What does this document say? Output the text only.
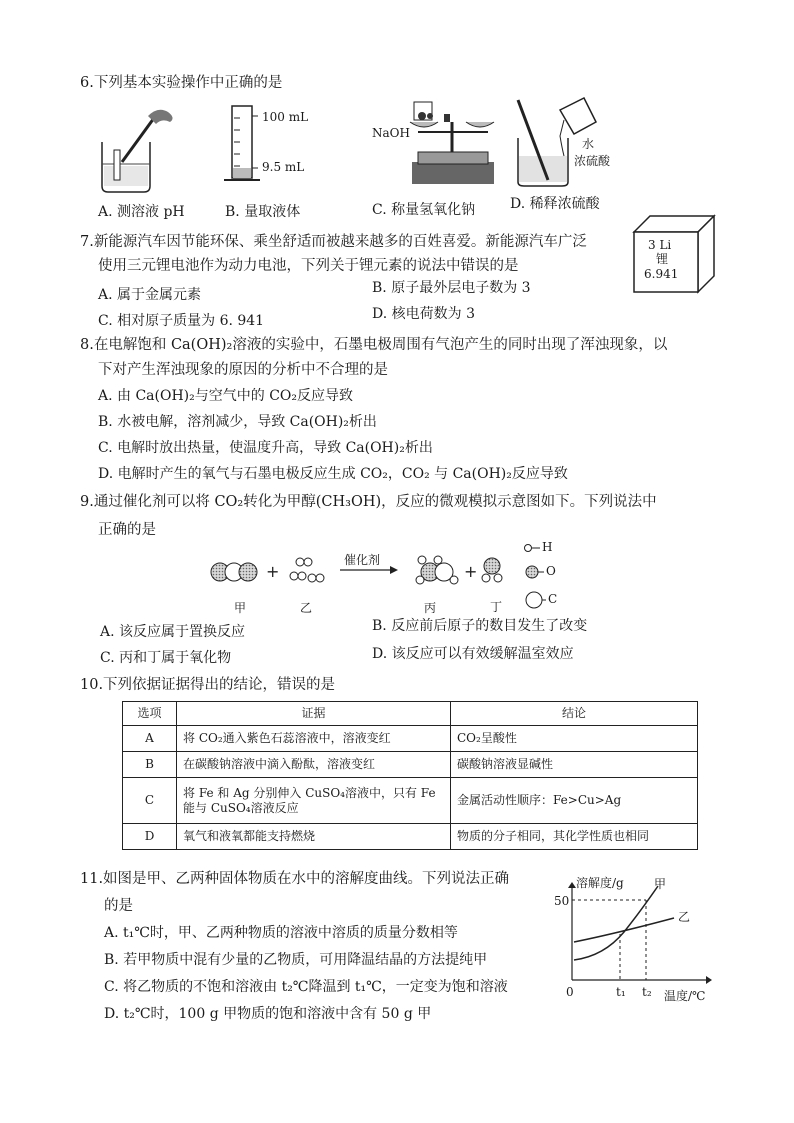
6.下列基本实验操作中正确的是
100 mL
9.5 mL
NaOH
水
浓硫酸
A. 测溶液 pH	B. 量取液体	C. 称量氢氧化钠 D. 稀释浓硫酸
7.新能源汽车因节能环保、乘坐舒适而被越来越多的百姓喜爱。新能源汽车广泛
使用三元锂电池作为动力电池，下列关于锂元素的说法中错误的是
3 Li
锂
6.941
A. 属于金属元素	B. 原子最外层电子数为 3
C. 相对原子质量为 6. 941	D. 核电荷数为 3
8.在电解饱和 Ca(OH)₂溶液的实验中，石墨电极周围有气泡产生的同时出现了浑浊现象，以
下对产生浑浊现象的原因的分析中不合理的是
A. 由 Ca(OH)₂与空气中的 CO₂反应导致
B. 水被电解，溶剂减少，导致 Ca(OH)₂析出
C. 电解时放出热量，使温度升高，导致 Ca(OH)₂析出
D. 电解时产生的氧气与石墨电极反应生成 CO₂，CO₂ 与 Ca(OH)₂反应导致
9.通过催化剂可以将 CO₂转化为甲醇(CH₃OH)，反应的微观模拟示意图如下。下列说法中
正确的是
+	+
催化剂
甲	乙	丙	丁
H
O
C
A. 该反应属于置换反应	B. 反应前后原子的数目发生了改变
C. 丙和丁属于氧化物	D. 该反应可以有效缓解温室效应
10.下列依据证据得出的结论，错误的是
选项	证据	结论
A	将 CO₂通入紫色石蕊溶液中，溶液变红	CO₂呈酸性
B	在碳酸钠溶液中滴入酚酞，溶液变红	碳酸钠溶液显碱性
C	将 Fe 和 Ag 分别伸入 CuSO₄溶液中，只有 Fe 能与 CuSO₄溶液反应	金属活动性顺序：Fe>Cu>Ag
D	氧气和液氧都能支持燃烧	物质的分子相同，其化学性质也相同
11.如图是甲、乙两种固体物质在水中的溶解度曲线。下列说法正确
的是
A. t₁℃时，甲、乙两种物质的溶液中溶质的质量分数相等
B. 若甲物质中混有少量的乙物质，可用降温结晶的方法提纯甲
C. 将乙物质的不饱和溶液由 t₂℃降温到 t₁℃，一定变为饱和溶液
D. t₂℃时，100 g 甲物质的饱和溶液中含有 50 g 甲
溶解度/g	甲
乙
50
0	t₁ t₂ 温度/℃
